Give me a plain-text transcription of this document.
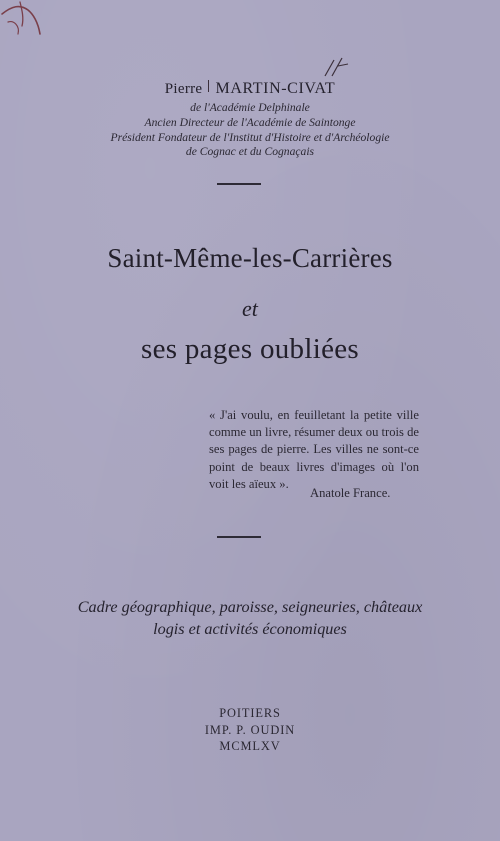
Pierre MARTIN-CIVAT
de l'Académie Delphinale
Ancien Directeur de l'Académie de Saintonge
Président Fondateur de l'Institut d'Histoire et d'Archéologie
de Cognac et du Cognaçais
Saint-Même-les-Carrières
et
ses pages oubliées
« J'ai voulu, en feuilletant la petite ville comme un livre, résumer deux ou trois de ses pages de pierre. Les villes ne sont-ce point de beaux livres d'images où l'on voit les aïeux ».
Anatole France.
Cadre géographique, paroisse, seigneuries, châteaux
logis et activités économiques
POITIERS
IMP. P. OUDIN
MCMLXV
